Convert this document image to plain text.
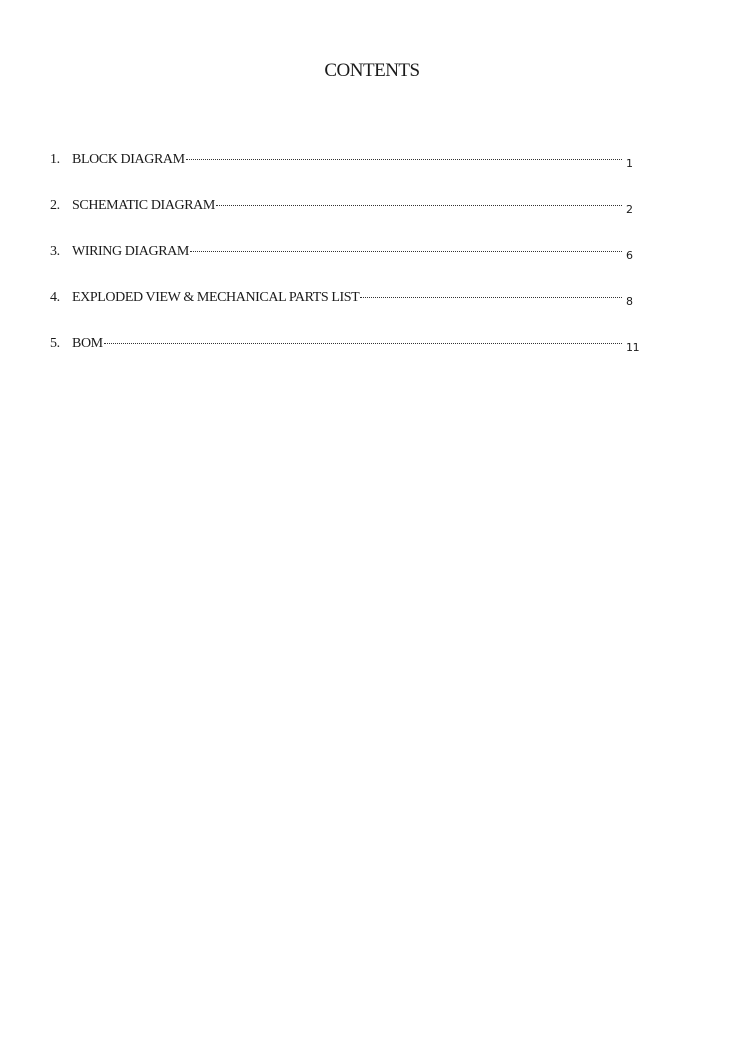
CONTENTS
1. BLOCK DIAGRAM	1
2. SCHEMATIC DIAGRAM	2
3. WIRING DIAGRAM	6
4. EXPLODED VIEW & MECHANICAL PARTS LIST	8
5. BOM	11
